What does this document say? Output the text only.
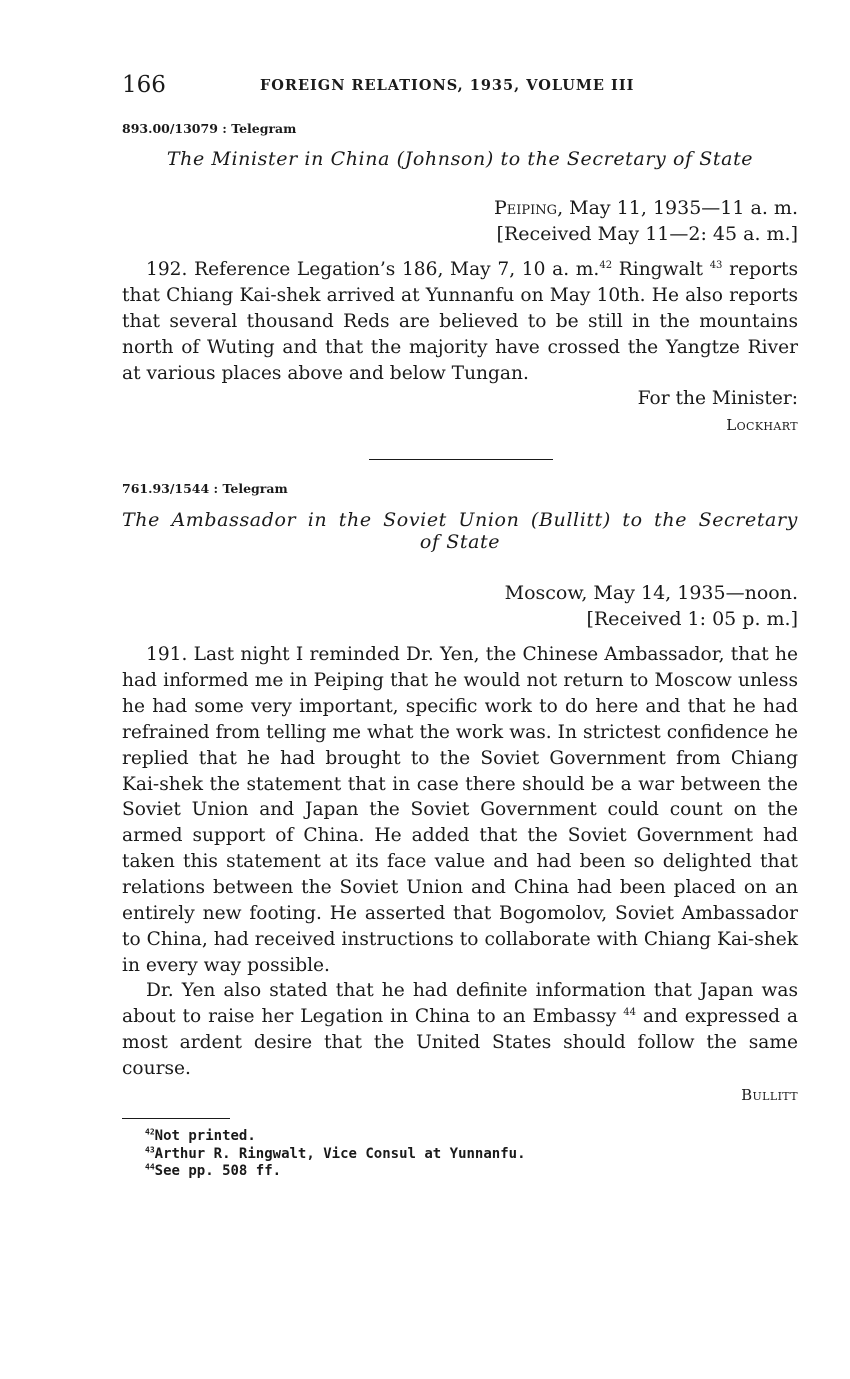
166	FOREIGN RELATIONS, 1935, VOLUME III
893.00/13079 : Telegram
The Minister in China (Johnson) to the Secretary of State
Peiping, May 11, 1935—11 a. m.
[Received May 11—2: 45 a. m.]

192. Reference Legation’s 186, May 7, 10 a. m.$^{42}$ Ringwalt $^{43}$ reports that Chiang Kai-shek arrived at Yunnanfu on May 10th. He also reports that several thousand Reds are believed to be still in the mountains north of Wuting and that the majority have crossed the Yangtze River at various places above and below Tungan.

For the Minister:
Lockhart
761.93/1544 : Telegram
The Ambassador in the Soviet Union (Bullitt) to the Secretary
of State
Moscow, May 14, 1935—noon.
[Received 1: 05 p. m.]

191. Last night I reminded Dr. Yen, the Chinese Ambassador, that he had informed me in Peiping that he would not return to Moscow unless he had some very important, specific work to do here and that he had refrained from telling me what the work was. In strictest confidence he replied that he had brought to the Soviet Government from Chiang Kai-shek the statement that in case there should be a war between the Soviet Union and Japan the Soviet Government could count on the armed support of China. He added that the Soviet Government had taken this statement at its face value and had been so delighted that relations between the Soviet Union and China had been placed on an entirely new footing. He asserted that Bogomolov, Soviet Ambassador to China, had received instructions to collaborate with Chiang Kai-shek in every way possible.

Dr. Yen also stated that he had definite information that Japan was about to raise her Legation in China to an Embassy $^{44}$ and expressed a most ardent desire that the United States should follow the same course.

Bullitt
$^{42}$Not printed.
$^{43}$Arthur R. Ringwalt, Vice Consul at Yunnanfu.
$^{44}$See pp. 508 ff.
